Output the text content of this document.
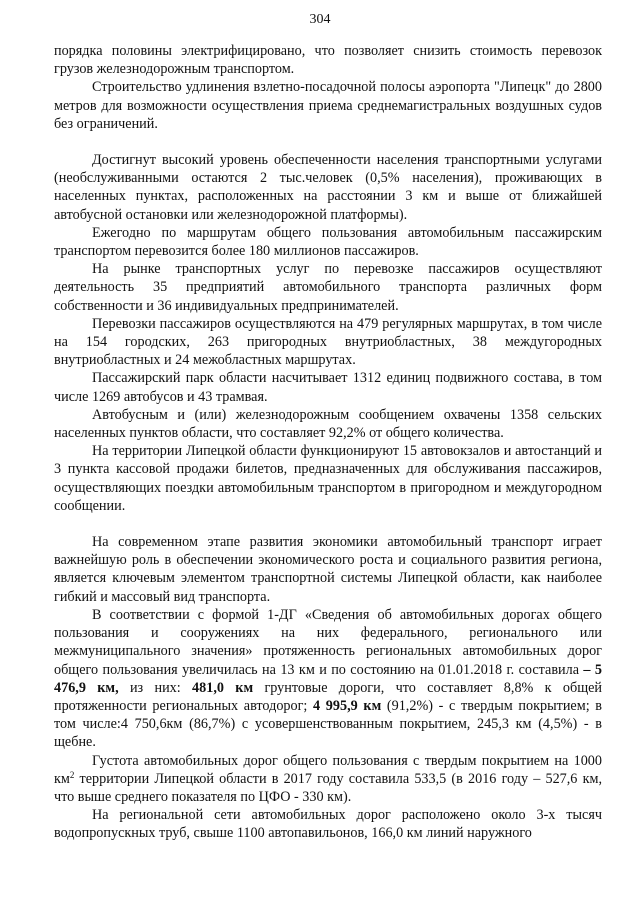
304

порядка половины электрифицировано, что позволяет снизить стоимость перевозок грузов железнодорожным транспортом.

Строительство удлинения взлетно-посадочной полосы аэропорта "Липецк" до 2800 метров для возможности осуществления приема среднемагистральных воздушных судов без ограничений.

Достигнут высокий уровень обеспеченности населения транспортными услугами (необслуживанными остаются 2 тыс.человек (0,5% населения), проживающих в населенных пунктах, расположенных на расстоянии 3 км и выше от ближайшей автобусной остановки или железнодорожной платформы).

Ежегодно по маршрутам общего пользования автомобильным пассажирским транспортом перевозится более 180 миллионов пассажиров.

На рынке транспортных услуг по перевозке пассажиров осуществляют деятельность 35 предприятий автомобильного транспорта различных форм собственности и 36 индивидуальных предпринимателей.

Перевозки пассажиров осуществляются на 479 регулярных маршрутах, в том числе на 154 городских, 263 пригородных внутриобластных, 38 междугородных внутриобластных и 24 межобластных маршрутах.

Пассажирский парк области насчитывает 1312 единиц подвижного состава, в том числе 1269 автобусов и 43 трамвая.

Автобусным и (или) железнодорожным сообщением охвачены 1358 сельских населенных пунктов области, что составляет 92,2% от общего количества.

На территории Липецкой области функционируют 15 автовокзалов и автостанций и 3 пункта кассовой продажи билетов, предназначенных для обслуживания пассажиров, осуществляющих поездки автомобильным транспортом в пригородном и междугородном сообщении.

На современном этапе развития экономики автомобильный транспорт играет важнейшую роль в обеспечении экономического роста и социального развития региона, является ключевым элементом транспортной системы Липецкой области, как наиболее гибкий и массовый вид транспорта.

В соответствии с формой 1-ДГ «Сведения об автомобильных дорогах общего пользования и сооружениях на них федерального, регионального или межмуниципального значения» протяженность региональных автомобильных дорог общего пользования увеличилась на 13 км и по состоянию на 01.01.2018 г. составила – 5 476,9 км, из них: 481,0 км грунтовые дороги, что составляет 8,8% к общей протяженности региональных автодорог; 4 995,9 км (91,2%) - с твердым покрытием; в том числе:4 750,6км (86,7%) с усовершенствованным покрытием, 245,3 км (4,5%) - в щебне.

Густота автомобильных дорог общего пользования с твердым покрытием на 1000 $км^2$ территории Липецкой области в 2017 году составила 533,5 (в 2016 году – 527,6 км, что выше среднего показателя по ЦФО - 330 км).

На региональной сети автомобильных дорог расположено около 3-х тысяч водопропускных труб, свыше 1100 автопавильонов, 166,0 км линий наружного
